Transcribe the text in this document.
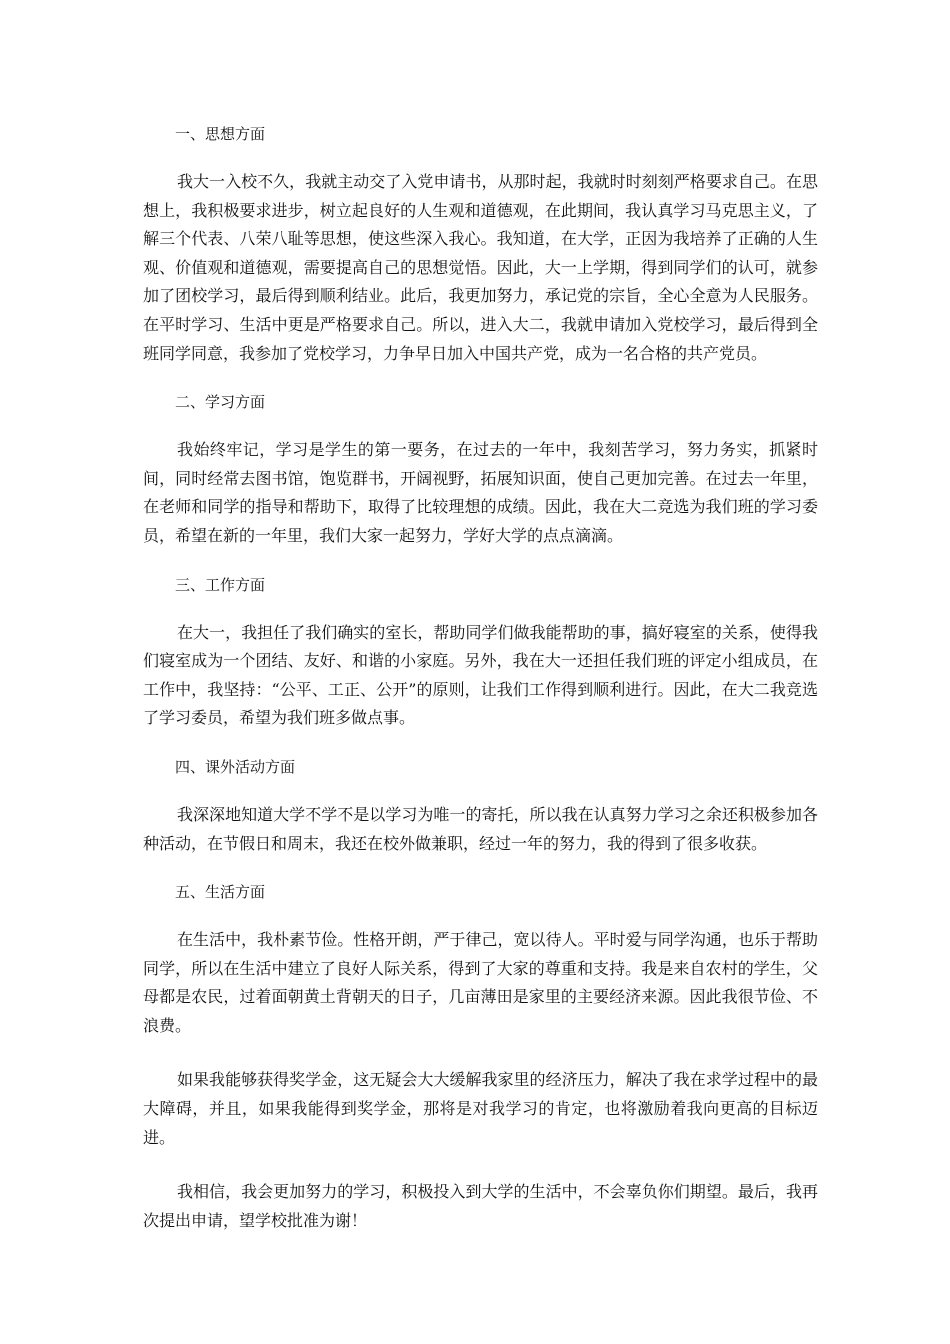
一、思想方面

我大一入校不久，我就主动交了入党申请书，从那时起，我就时时刻刻严格要求自己。在思想上，我积极要求进步，树立起良好的人生观和道德观，在此期间，我认真学习马克思主义，了解三个代表、八荣八耻等思想，使这些深入我心。我知道，在大学，正因为我培养了正确的人生观、价值观和道德观，需要提高自己的思想觉悟。因此，大一上学期，得到同学们的认可，就参加了团校学习，最后得到顺利结业。此后，我更加努力，承记党的宗旨，全心全意为人民服务。在平时学习、生活中更是严格要求自己。所以，进入大二，我就申请加入党校学习，最后得到全班同学同意，我参加了党校学习，力争早日加入中国共产党，成为一名合格的共产党员。

二、学习方面

我始终牢记，学习是学生的第一要务，在过去的一年中，我刻苦学习，努力务实，抓紧时间，同时经常去图书馆，饱览群书，开阔视野，拓展知识面，使自己更加完善。在过去一年里，在老师和同学的指导和帮助下，取得了比较理想的成绩。因此，我在大二竞选为我们班的学习委员，希望在新的一年里，我们大家一起努力，学好大学的点点滴滴。

三、工作方面

在大一，我担任了我们确实的室长，帮助同学们做我能帮助的事，搞好寝室的关系，使得我们寝室成为一个团结、友好、和谐的小家庭。另外，我在大一还担任我们班的评定小组成员，在工作中，我坚持：“公平、工正、公开”的原则，让我们工作得到顺利进行。因此，在大二我竞选了学习委员，希望为我们班多做点事。

四、课外活动方面

我深深地知道大学不学不是以学习为唯一的寄托，所以我在认真努力学习之余还积极参加各种活动，在节假日和周末，我还在校外做兼职，经过一年的努力，我的得到了很多收获。

五、生活方面

在生活中，我朴素节俭。性格开朗，严于律己，宽以待人。平时爱与同学沟通，也乐于帮助同学，所以在生活中建立了良好人际关系，得到了大家的尊重和支持。我是来自农村的学生，父母都是农民，过着面朝黄土背朝天的日子，几亩薄田是家里的主要经济来源。因此我很节俭、不浪费。

如果我能够获得奖学金，这无疑会大大缓解我家里的经济压力，解决了我在求学过程中的最大障碍，并且，如果我能得到奖学金，那将是对我学习的肯定，也将激励着我向更高的目标迈进。

我相信，我会更加努力的学习，积极投入到大学的生活中，不会辜负你们期望。最后，我再次提出申请，望学校批准为谢！
